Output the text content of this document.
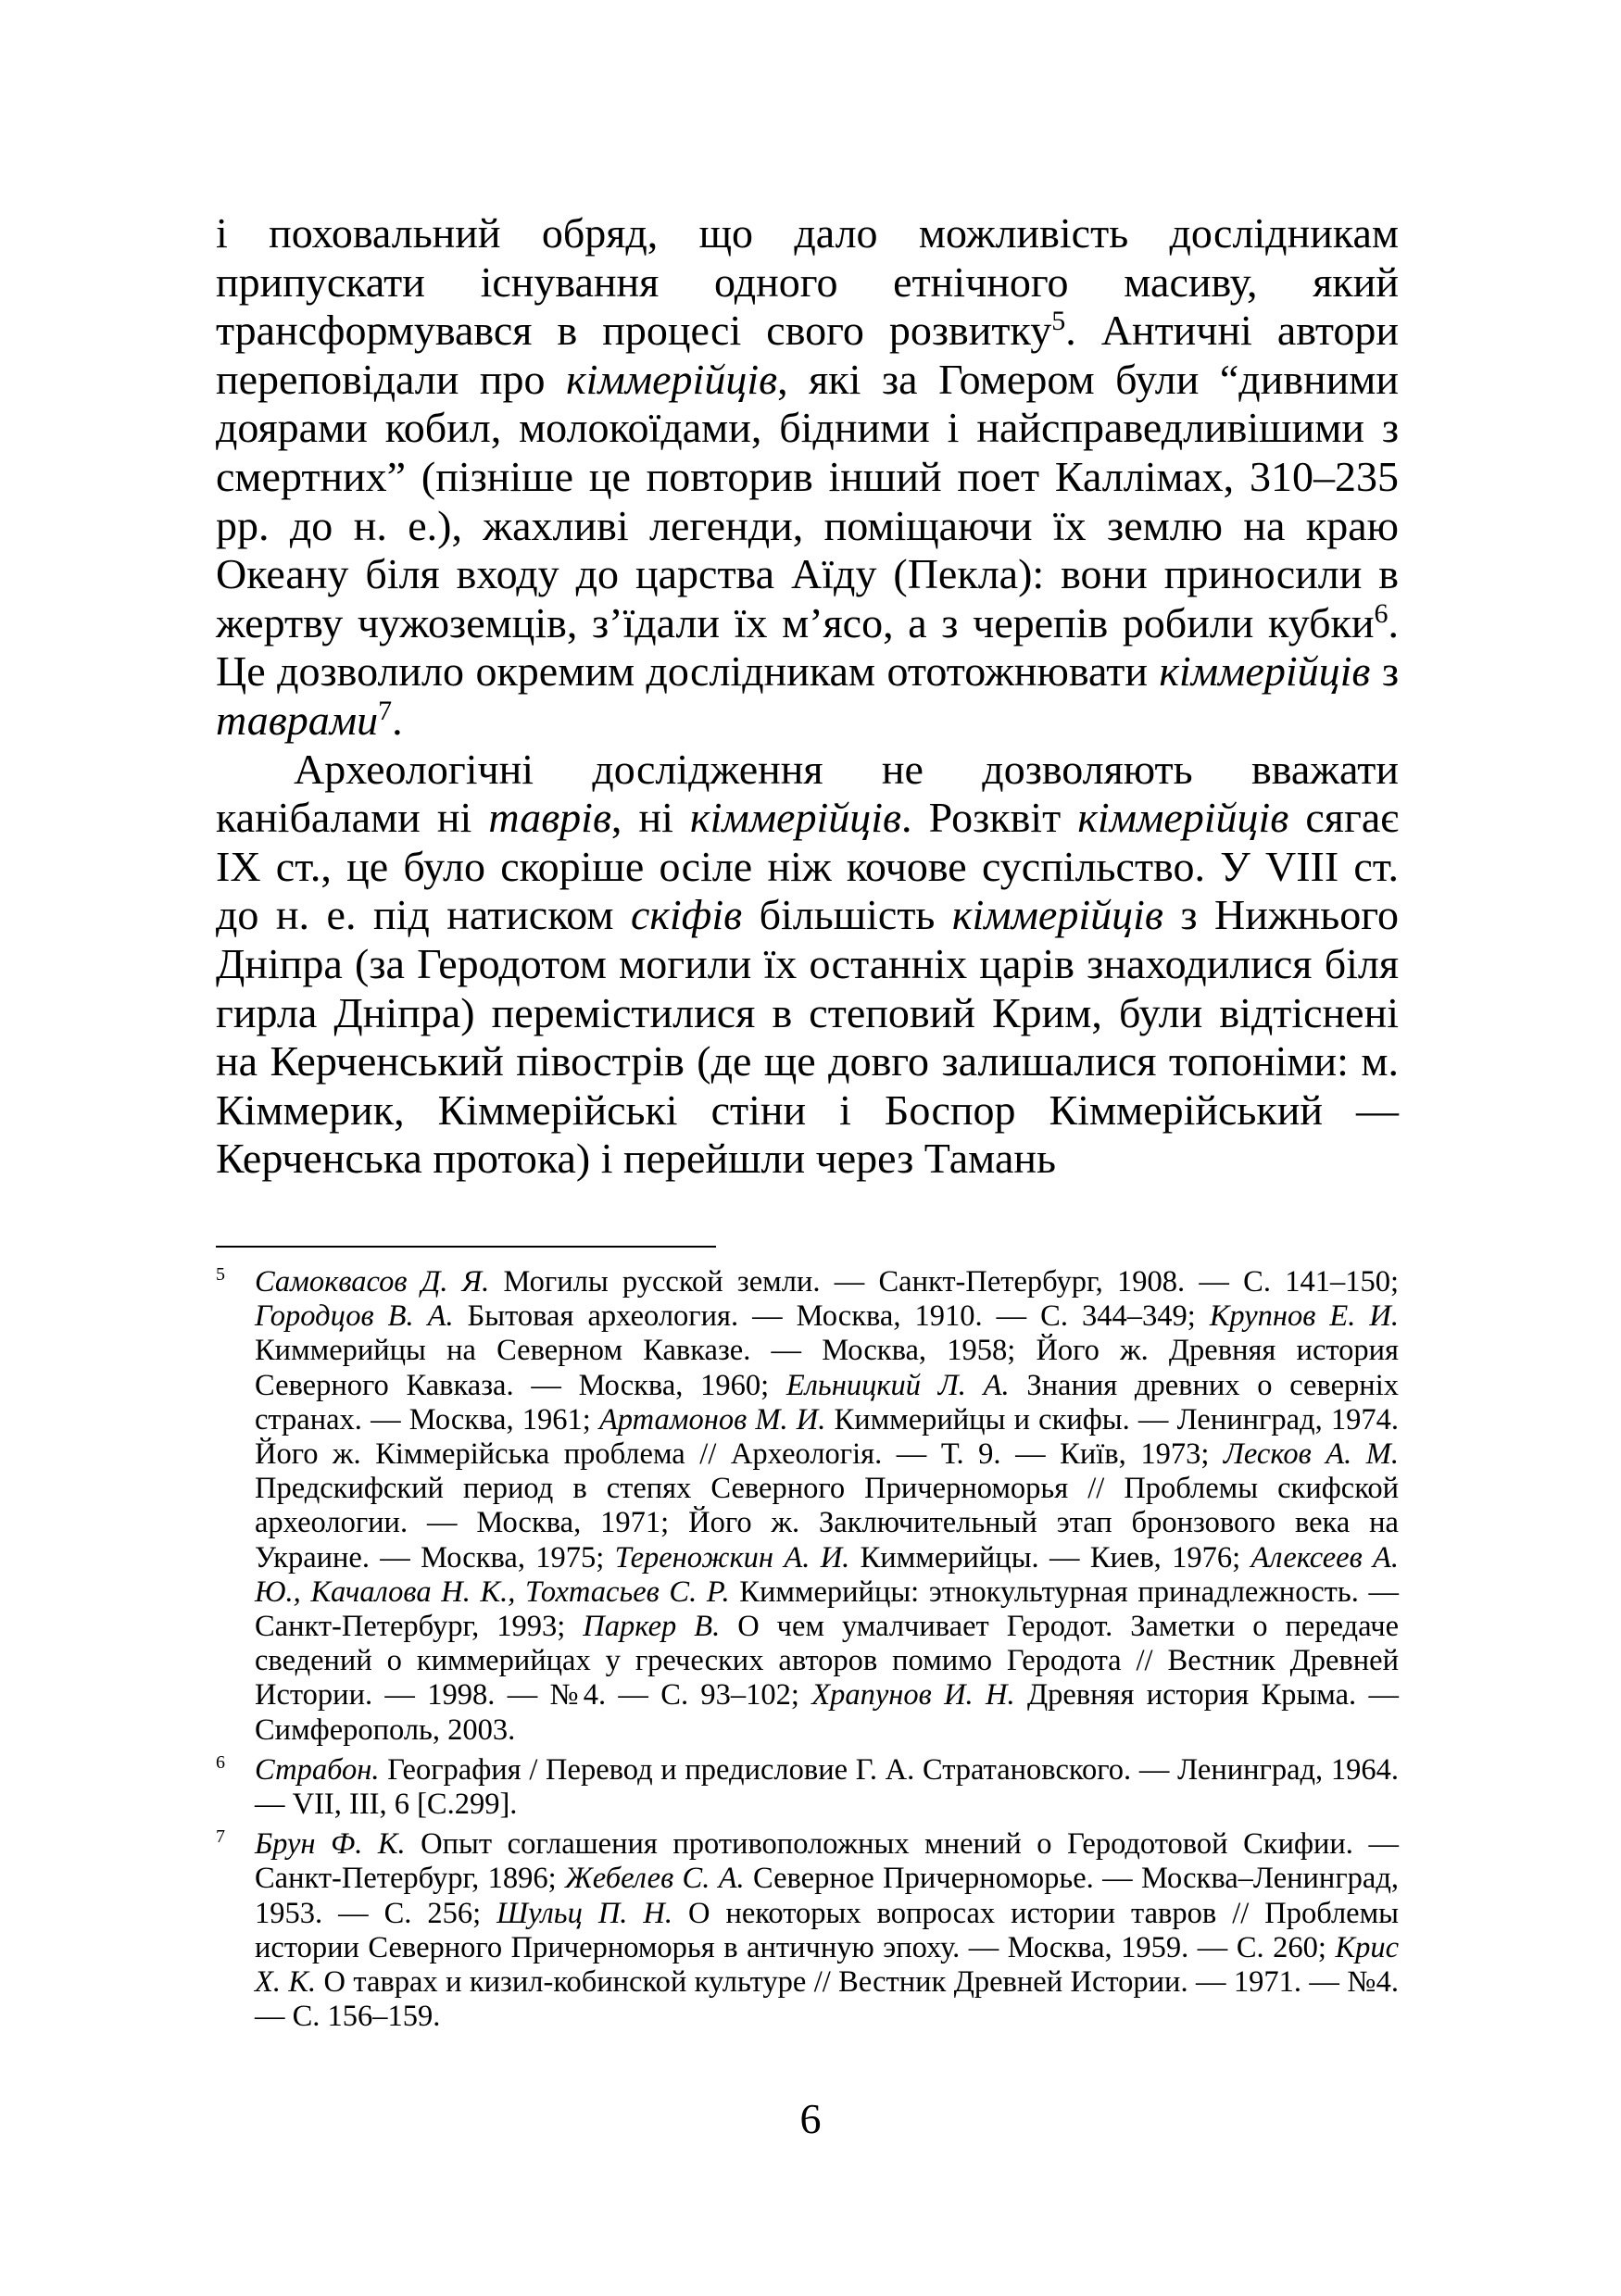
і поховальний обряд, що дало можливість дослідникам припускати існування одного етнічного масиву, який трансформувався в процесі свого розвитку$^5$. Античні автори переповідали про кіммерійців, які за Гомером були “дивними доярами кобил, молокоїдами, бідними і найсправедливішими з смертних” (пізніше це повторив інший поет Каллімах, 310–235 рр. до н. е.), жахливі легенди, поміщаючи їх землю на краю Океану біля входу до царства Аїду (Пекла): вони приносили в жертву чужоземців, з’їдали їх м’ясо, а з черепів робили кубки$^6$. Це дозволило окремим дослідникам ототожнювати кіммерійців з таврами$^7$.

Археологічні дослідження не дозволяють вважати канібалами ні таврів, ні кіммерійців. Розквіт кіммерійців сягає IX ст., це було скоріше осіле ніж кочове суспільство. У VIII ст. до н. е. під натиском скіфів більшість кіммерійців з Нижнього Дніпра (за Геродотом могили їх останніх царів знаходилися біля гирла Дніпра) перемістилися в степовий Крим, були відтіснені на Керченський півострів (де ще довго залишалися топоніми: м. Кіммерик, Кіммерійські стіни і Боспор Кіммерійський — Керченська протока) і перейшли через Тамань

5 Самоквасов Д. Я. Могилы русской земли. — Санкт-Петербург, 1908. — С. 141–150; Городцов В. А. Бытовая археология. — Москва, 1910. — С. 344–349; Крупнов Е. И. Киммерийцы на Северном Кавказе. — Москва, 1958; Його ж. Древняя история Северного Кавказа. — Москва, 1960; Ельницкий Л. А. Знания древних о северніх странах. — Москва, 1961; Артамонов М. И. Киммерийцы и скифы. — Ленинград, 1974. Його ж. Кіммерійська проблема // Археологія. — Т. 9. — Київ, 1973; Лесков А. М. Предскифский период в степях Северного Причерноморья // Проблемы скифской археологии. — Москва, 1971; Його ж. Заключительный этап бронзового века на Украине. — Москва, 1975; Тереножкин А. И. Киммерийцы. — Киев, 1976; Алексеев А. Ю., Качалова Н. К., Тохтасьев С. Р. Киммерийцы: этнокультурная принадлежность. — Санкт-Петербург, 1993; Паркер В. О чем умалчивает Геродот. Заметки о передаче сведений о киммерийцах у греческих авторов помимо Геродота // Вестник Древней Истории. — 1998. — №4. — С. 93–102; Храпунов И. Н. Древняя история Крыма. — Симферополь, 2003.

6 Страбон. География / Перевод и предисловие Г. А. Стратановского. — Ленинград, 1964. — VII, III, 6 [С.299].

7 Брун Ф. К. Опыт соглашения противоположных мнений о Геродотовой Скифии. — Санкт-Петербург, 1896; Жебелев С. А. Северное Причерноморье. — Москва–Ленинград, 1953. — С. 256; Шульц П. Н. О некоторых вопросах истории тавров // Проблемы истории Северного Причерноморья в античную эпоху. — Москва, 1959. — С. 260; Крис Х. К. О таврах и кизил-кобинской культуре // Вестник Древней Истории. — 1971. — №4. — С. 156–159.

6
